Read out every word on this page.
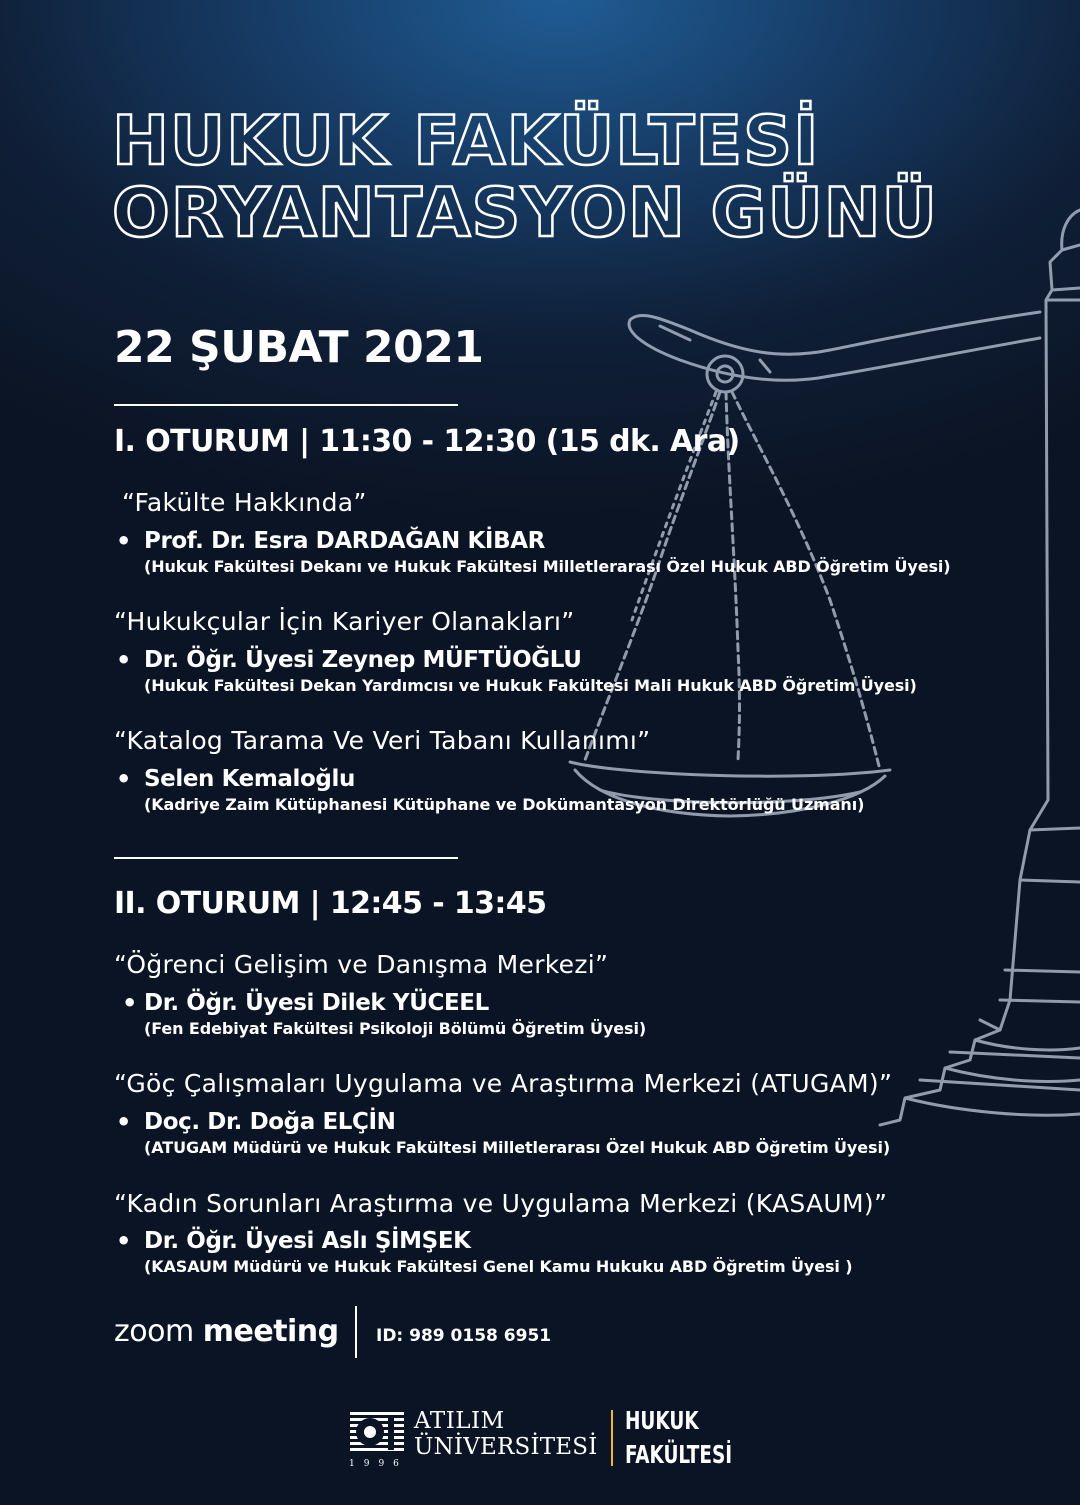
HUKUK FAKÜLTESİ
ORYANTASYON GÜNÜ
22 ŞUBAT 2021
I. OTURUM | 11:30 - 12:30 (15 dk. Ara)
“Fakülte Hakkında”
• Prof. Dr. Esra DARDAĞAN KİBAR
(Hukuk Fakültesi Dekanı ve Hukuk Fakültesi Milletlerarası Özel Hukuk ABD Öğretim Üyesi)
“Hukukçular İçin Kariyer Olanakları”
• Dr. Öğr. Üyesi Zeynep MÜFTÜOĞLU
(Hukuk Fakültesi Dekan Yardımcısı ve Hukuk Fakültesi Mali Hukuk ABD Öğretim Üyesi)
“Katalog Tarama Ve Veri Tabanı Kullanımı”
• Selen Kemaloğlu
(Kadriye Zaim Kütüphanesi Kütüphane ve Dokümantasyon Direktörlüğü Uzmanı)
II. OTURUM | 12:45 - 13:45
“Öğrenci Gelişim ve Danışma Merkezi”
• Dr. Öğr. Üyesi Dilek YÜCEEL
(Fen Edebiyat Fakültesi Psikoloji Bölümü Öğretim Üyesi)
“Göç Çalışmaları Uygulama ve Araştırma Merkezi (ATUGAM)”
• Doç. Dr. Doğa ELÇİN
(ATUGAM Müdürü ve Hukuk Fakültesi Milletlerarası Özel Hukuk ABD Öğretim Üyesi)
“Kadın Sorunları Araştırma ve Uygulama Merkezi (KASAUM)”
• Dr. Öğr. Üyesi Aslı ŞİMŞEK
(KASAUM Müdürü ve Hukuk Fakültesi Genel Kamu Hukuku ABD Öğretim Üyesi )
zoom meeting ID: 989 0158 6951
1996
ATILIM
ÜNİVERSİTESİ
HUKUK
FAKÜLTESİ
